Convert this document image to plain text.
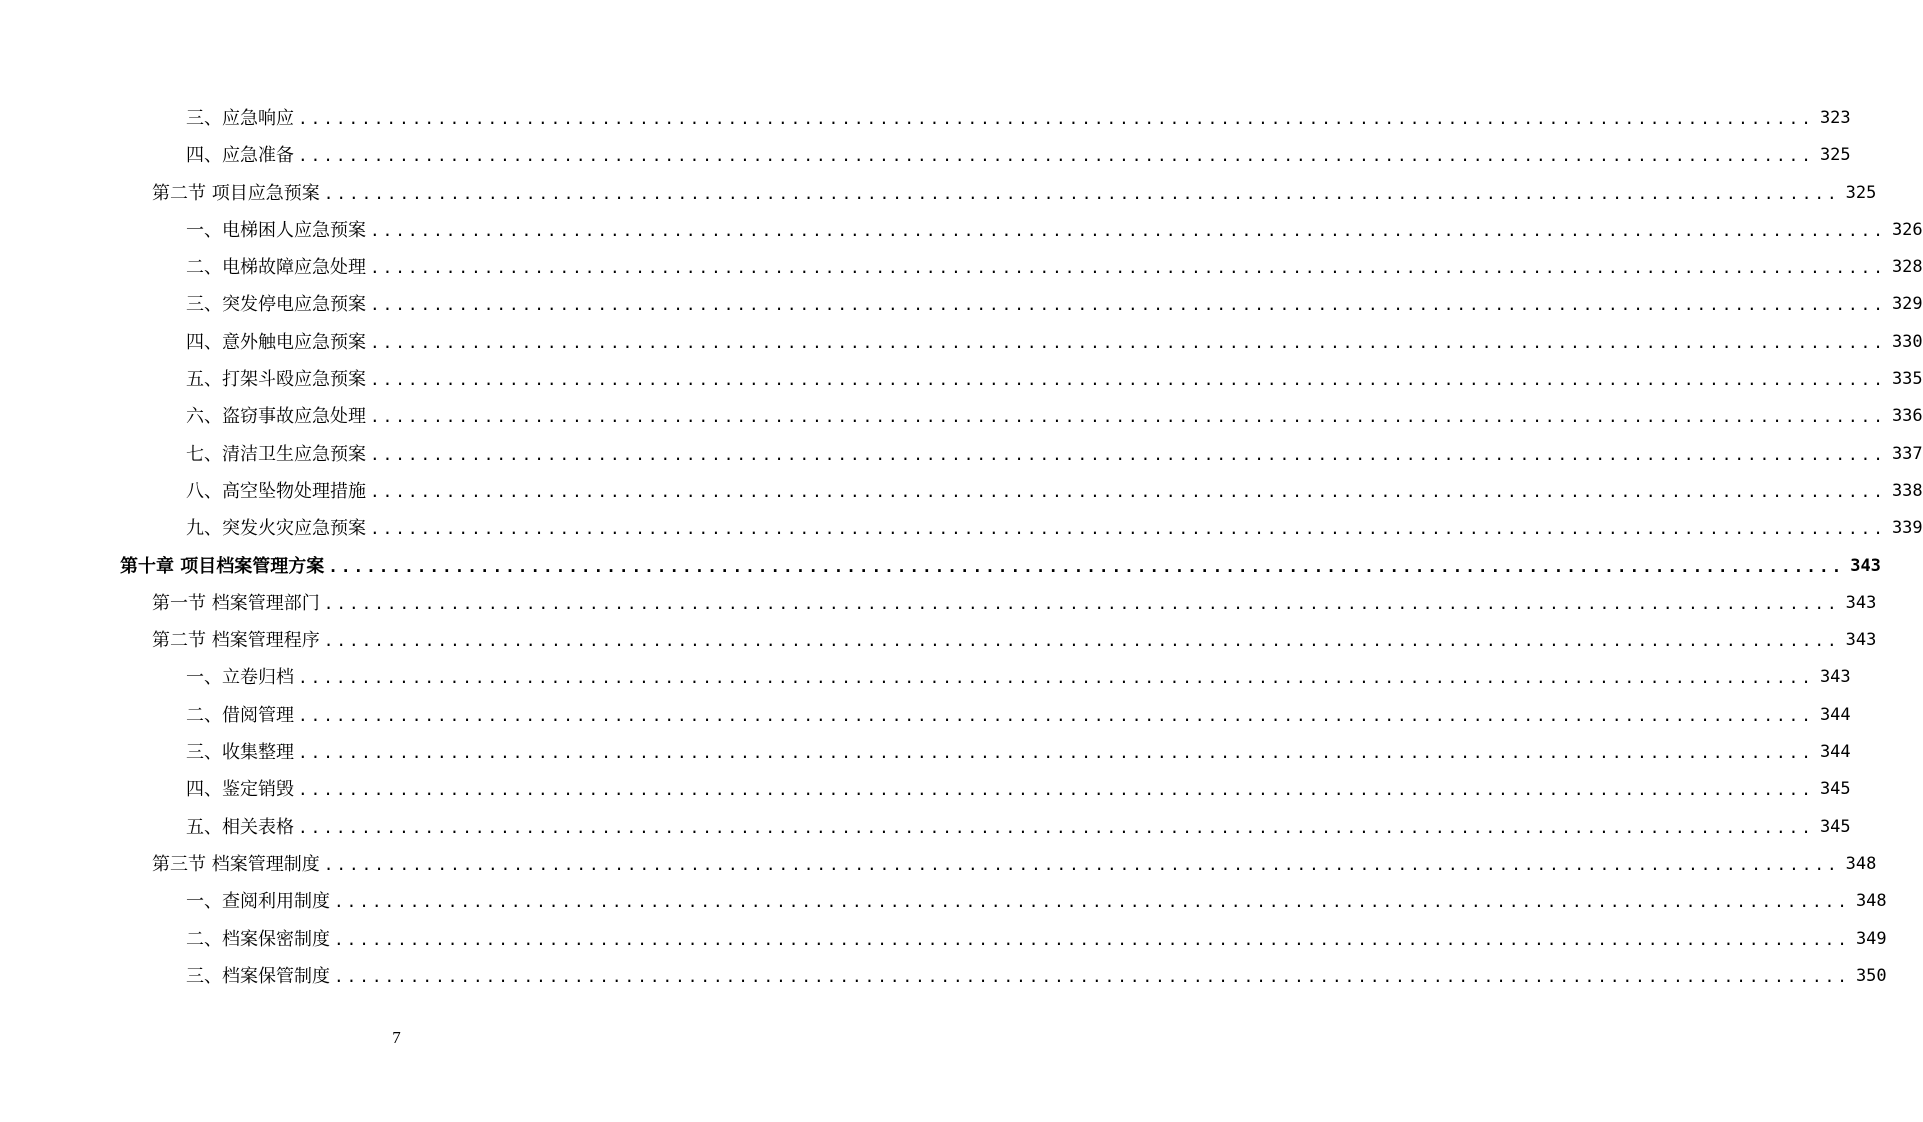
三、应急响应 ........................................................................................................................ 323
四、应急准备 ........................................................................................................................ 325
第二节 项目应急预案 ........................................................................................................................ 325
一、电梯困人应急预案 ........................................................................................................................ 326
二、电梯故障应急处理 ........................................................................................................................ 328
三、突发停电应急预案 ........................................................................................................................ 329
四、意外触电应急预案 ........................................................................................................................ 330
五、打架斗殴应急预案 ........................................................................................................................ 335
六、盗窃事故应急处理 ........................................................................................................................ 336
七、清洁卫生应急预案 ........................................................................................................................ 337
八、高空坠物处理措施 ........................................................................................................................ 338
九、突发火灾应急预案 ........................................................................................................................ 339
第十章 项目档案管理方案 ........................................................................................................................ 343
第一节 档案管理部门 ........................................................................................................................ 343
第二节 档案管理程序 ........................................................................................................................ 343
一、立卷归档 ........................................................................................................................ 343
二、借阅管理 ........................................................................................................................ 344
三、收集整理 ........................................................................................................................ 344
四、鉴定销毁 ........................................................................................................................ 345
五、相关表格 ........................................................................................................................ 345
第三节 档案管理制度 ........................................................................................................................ 348
一、查阅利用制度 ........................................................................................................................ 348
二、档案保密制度 ........................................................................................................................ 349
三、档案保管制度 ........................................................................................................................ 350
7
